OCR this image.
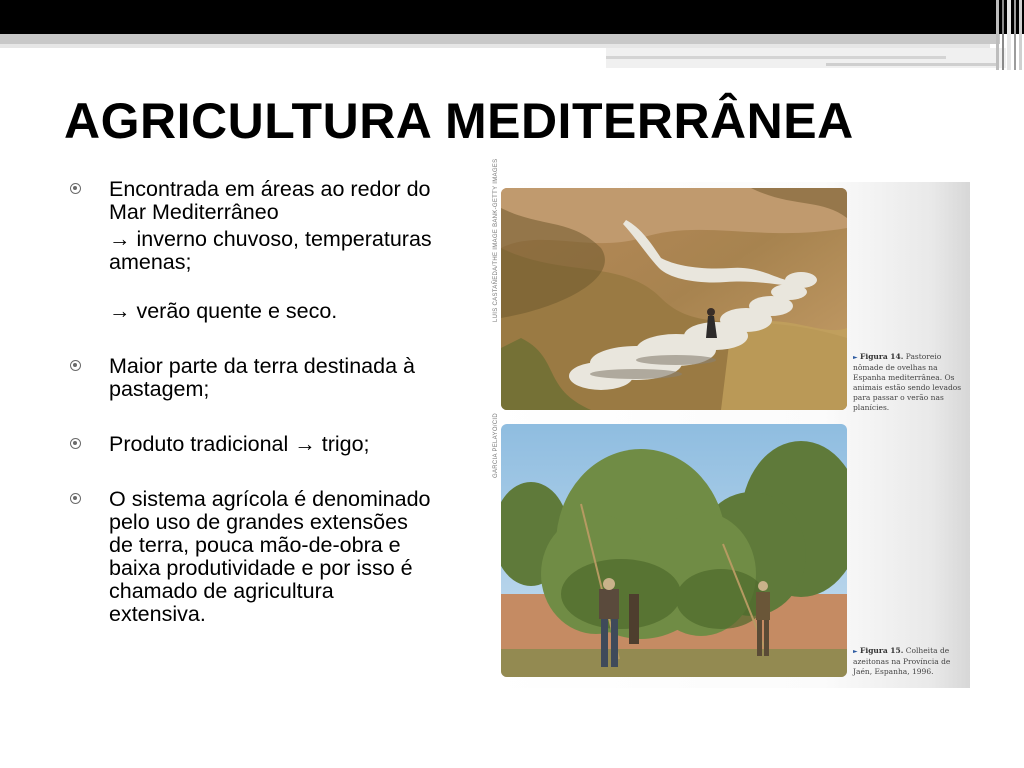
AGRICULTURA MEDITERRÂNEA
Encontrada em áreas ao redor do Mar Mediterrâneo
→ inverno chuvoso, temperaturas amenas;
→ verão quente e seco.
Maior parte da terra destinada à pastagem;
Produto tradicional → trigo;
O sistema agrícola é denominado pelo uso de grandes extensões de terra, pouca mão-de-obra e baixa produtividade e por isso é chamado de agricultura extensiva.
LUIS CASTAÑEDA/THE IMAGE BANK-GETTY IMAGES
GARCIA PELAYO/CID
► Figura 14. Pastoreio nômade de ovelhas na Espanha mediterrânea. Os animais estão sendo levados para passar o verão nas planícies.
► Figura 15. Colheita de azeitonas na Província de Jaén, Espanha, 1996.
